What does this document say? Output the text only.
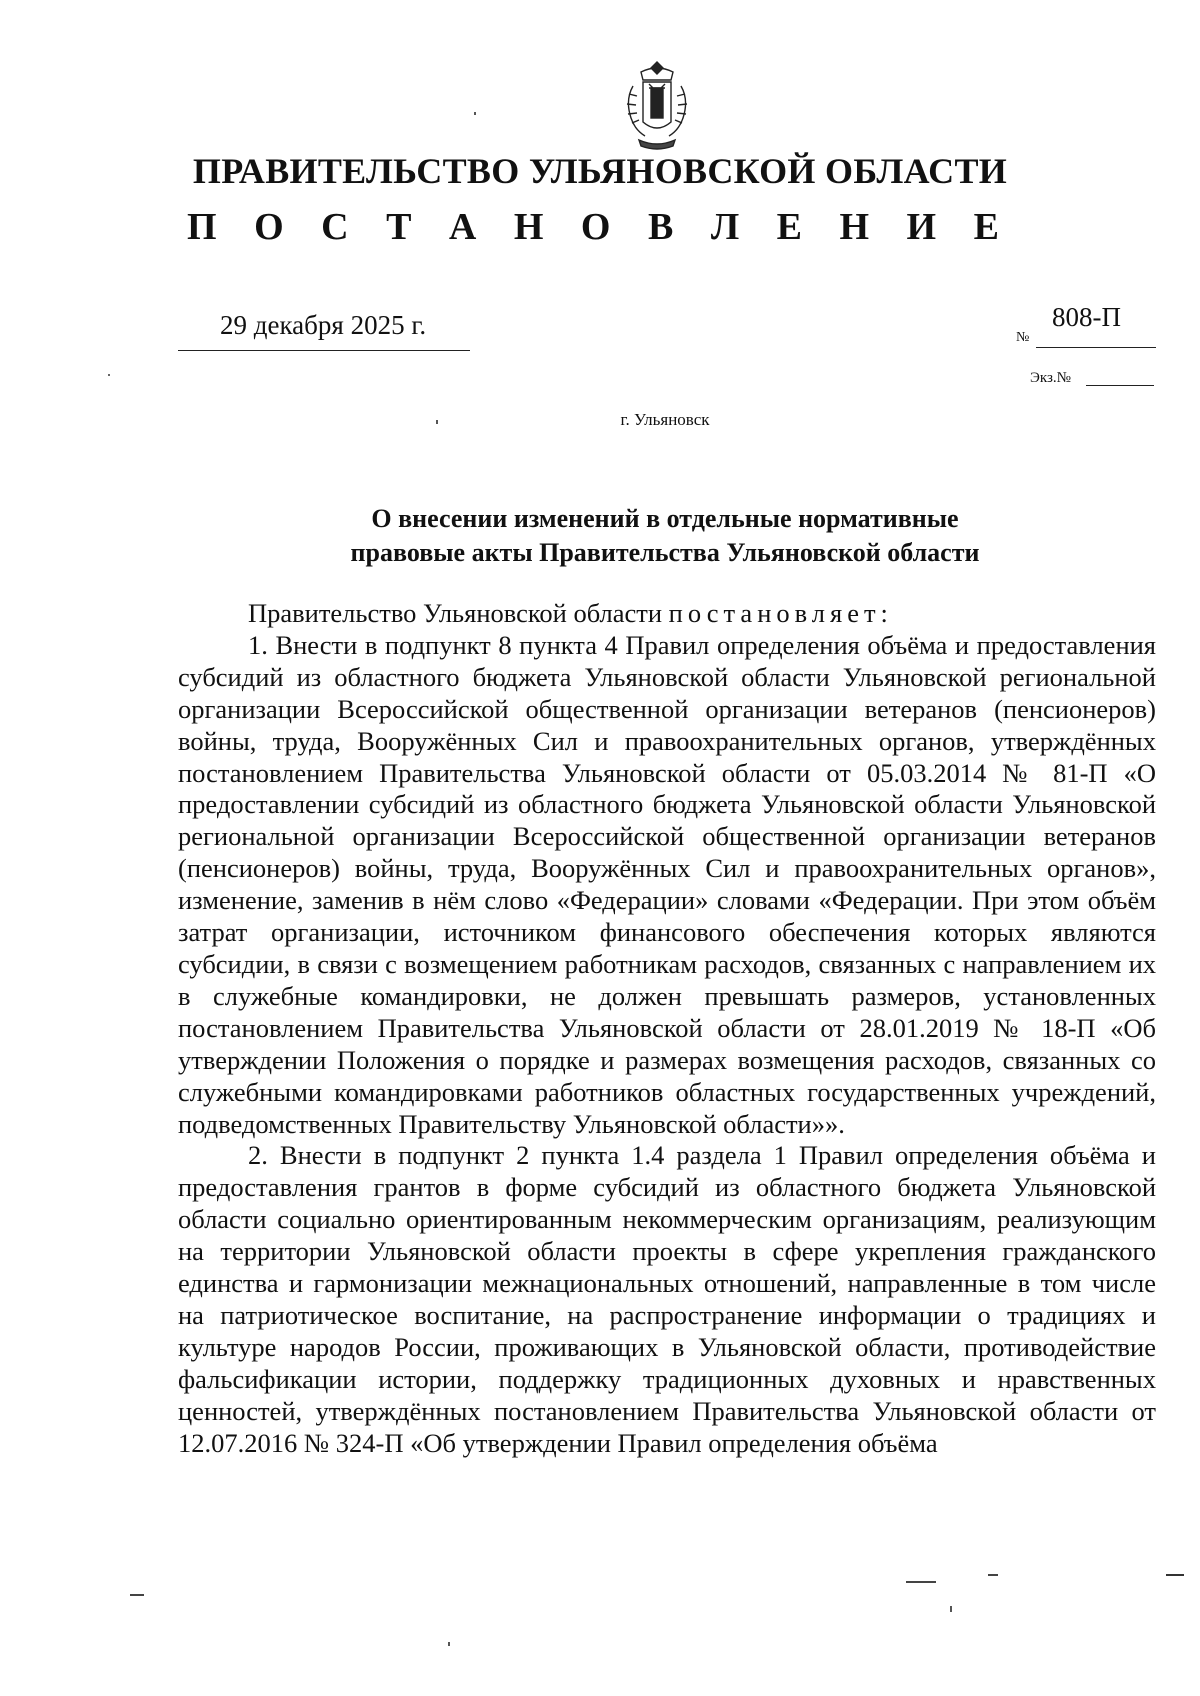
ПРАВИТЕЛЬСТВО УЛЬЯНОВСКОЙ ОБЛАСТИ
П О С Т А Н О В Л Е Н И Е
29 декабря 2025 г.	№
808-П
Экз.№
г. Ульяновск
О внесении изменений в отдельные нормативные
правовые акты Правительства Ульяновской области

Правительство Ульяновской области постановляет:

1. Внести в подпункт 8 пункта 4 Правил определения объёма и предоставления субсидий из областного бюджета Ульяновской области Ульяновской региональной организации Всероссийской общественной организации ветеранов (пенсионеров) войны, труда, Вооружённых Сил и правоохранительных органов, утверждённых постановлением Правительства Ульяновской области от 05.03.2014 № 81-П «О предоставлении субсидий из областного бюджета Ульяновской области Ульяновской региональной организации Всероссийской общественной организации ветеранов (пенсионеров) войны, труда, Вооружённых Сил и правоохранительных органов», изменение, заменив в нём слово «Федерации» словами «Федерации. При этом объём затрат организации, источником финансового обеспечения которых являются субсидии, в связи с возмещением работникам расходов, связанных с направлением их в служебные командировки, не должен превышать размеров, установленных постановлением Правительства Ульяновской области от 28.01.2019 № 18-П «Об утверждении Положения о порядке и размерах возмещения расходов, связанных со служебными командировками работников областных государственных учреждений, подведомственных Правительству Ульяновской области»».

2. Внести в подпункт 2 пункта 1.4 раздела 1 Правил определения объёма и предоставления грантов в форме субсидий из областного бюджета Ульяновской области социально ориентированным некоммерческим организациям, реализующим на территории Ульяновской области проекты в сфере укрепления гражданского единства и гармонизации межнациональных отношений, направленные в том числе на патриотическое воспитание, на распространение информации о традициях и культуре народов России, проживающих в Ульяновской области, противодействие фальсификации истории, поддержку традиционных духовных и нравственных ценностей, утверждённых постановлением Правительства Ульяновской области от 12.07.2016 № 324-П «Об утверждении Правил определения объёма
